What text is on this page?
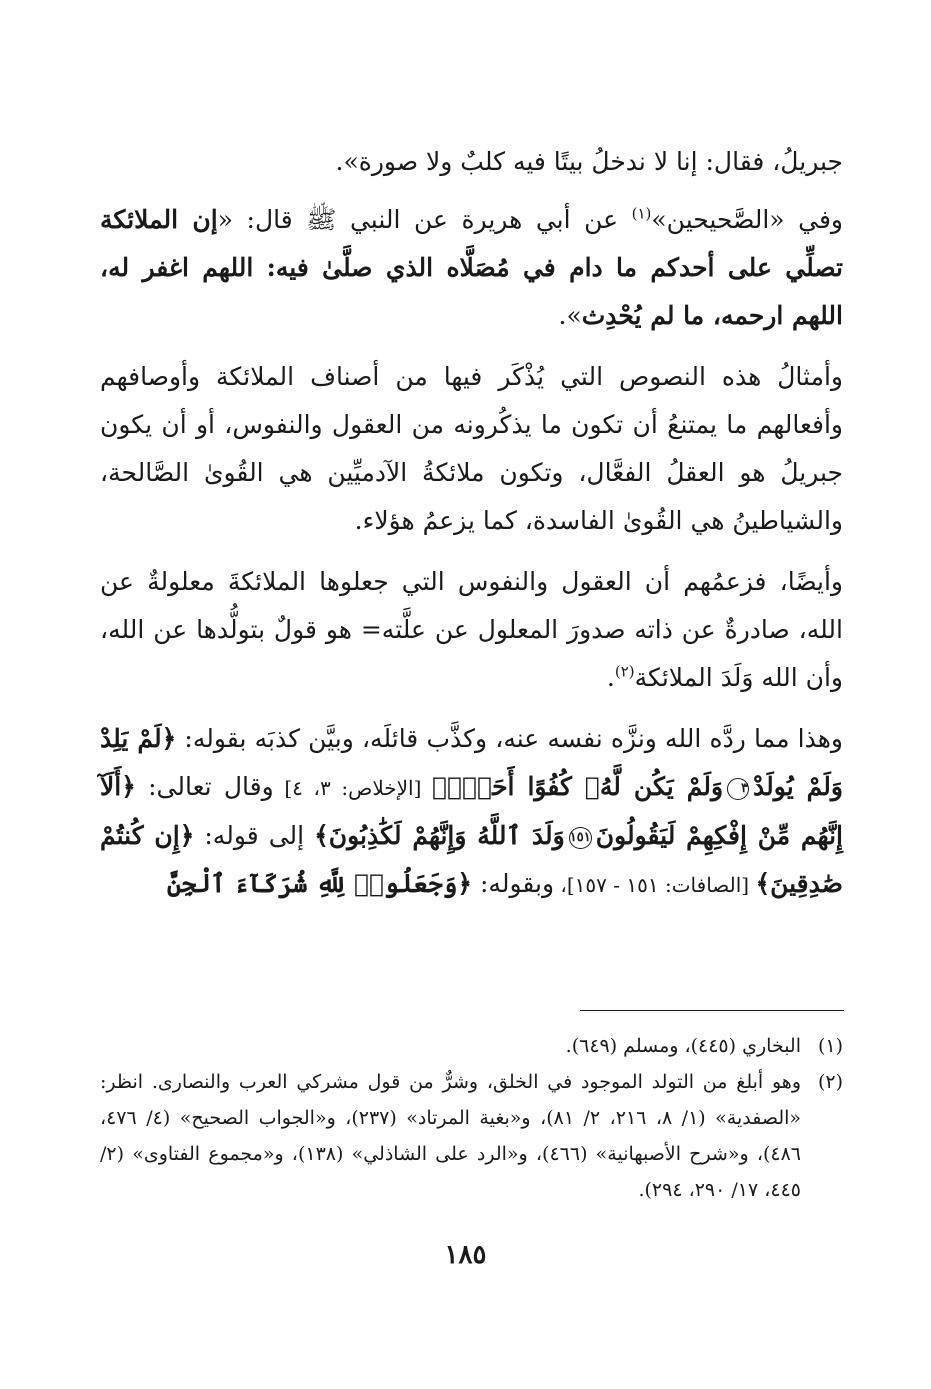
جبريلُ، فقال: إنا لا ندخلُ بيتًا فيه كلبٌ ولا صورة».

وفي «الصَّحيحين»$^{(١)}$ عن أبي هريرة عن النبي ﷺ قال: «إن الملائكة تصلِّي على أحدكم ما دام في مُصَلَّاه الذي صلَّىٰ فيه: اللهم اغفر له، اللهم ارحمه، ما لم يُحْدِث».

وأمثالُ هذه النصوص التي يُذْكَر فيها من أصناف الملائكة وأوصافهم وأفعالهم ما يمتنعُ أن تكون ما يذكُرونه من العقول والنفوس، أو أن يكون جبريلُ هو العقلُ الفعَّال، وتكون ملائكةُ الآدميِّين هي القُوىٰ الصَّالحة، والشياطينُ هي القُوىٰ الفاسدة، كما يزعمُ هؤلاء.

وأيضًا، فزعمُهم أن العقول والنفوس التي جعلوها الملائكةَ معلولةٌ عن الله، صادرةٌ عن ذاته صدورَ المعلول عن علَّته= هو قولٌ بتولُّدها عن الله، وأن الله وَلَدَ الملائكة$^{(٢)}$.

وهذا مما ردَّه الله ونزَّه نفسه عنه، وكذَّب قائلَه، وبيَّن كذبَه بقوله: ﴿لَمْ يَلِدْ وَلَمْ يُولَدْ٣وَلَمْ يَكُن لَّهُۥ كُفُوًا أَحَدٌۢ﴾ [الإخلاص: ٣، ٤] وقال تعالى: ﴿أَلَآ إِنَّهُم مِّنْ إِفْكِهِمْ لَيَقُولُونَ١٥١وَلَدَ ٱللَّهُ وَإِنَّهُمْ لَكَٰذِبُونَ﴾ إلى قوله: ﴿إِن كُنتُمْ صَٰدِقِينَ﴾ [الصافات: ١٥١ - ١٥٧]، وبقوله: ﴿وَجَعَلُوا۟ لِلَّهِ شُرَكَآءَ ٱلْجِنَّ

(١)
البخاري (٤٤٥)، ومسلم (٦٤٩).
(٢)
وهو أبلغ من التولد الموجود في الخلق، وشرٌّ من قول مشركي العرب والنصارى. انظر: «الصفدية» (١/ ٨، ٢١٦، ٢/ ٨١)، و«بغية المرتاد» (٢٣٧)، و«الجواب الصحيح» (٤/ ٤٧٦، ٤٨٦)، و«شرح الأصبهانية» (٤٦٦)، و«الرد على الشاذلي» (١٣٨)، و«مجموع الفتاوى» (٢/ ٤٤٥، ١٧/ ٢٩٠، ٢٩٤).
١٨٥
